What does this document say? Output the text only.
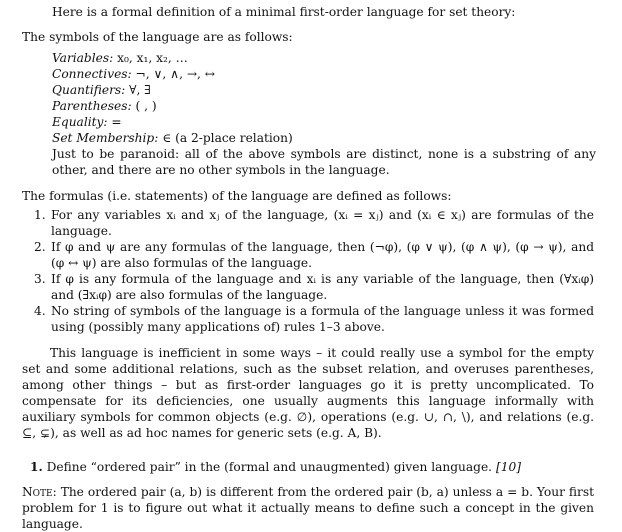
Here is a formal definition of a minimal first-order language for set theory:

The symbols of the language are as follows:

Variables: x₀, x₁, x₂, …
Connectives: ¬, ∨, ∧, →, ↔
Quantifiers: ∀, ∃
Parentheses: ( , )
Equality: =
Set Membership: ∈ (a 2-place relation)
Just to be paranoid: all of the above symbols are distinct, none is a substring of any other, and there are no other symbols in the language.

The formulas (i.e. statements) of the language are defined as follows:

1. For any variables xᵢ and xⱼ of the language, (xᵢ = xⱼ) and (xᵢ ∈ xⱼ) are formulas of the language.
2. If φ and ψ are any formulas of the language, then (¬φ), (φ ∨ ψ), (φ ∧ ψ), (φ → ψ), and (φ ↔ ψ) are also formulas of the language.
3. If φ is any formula of the language and xᵢ is any variable of the language, then (∀xᵢφ) and (∃xᵢφ) are also formulas of the language.
4. No string of symbols of the language is a formula of the language unless it was formed using (possibly many applications of) rules 1–3 above.

This language is inefficient in some ways – it could really use a symbol for the empty set and some additional relations, such as the subset relation, and overuses parentheses, among other things – but as first-order languages go it is pretty uncomplicated. To compensate for its deficiencies, one usually augments this language informally with auxiliary symbols for common objects (e.g. ∅), operations (e.g. ∪, ∩, \), and relations (e.g. ⊆, ⊊), as well as ad hoc names for generic sets (e.g. A, B).

1. Define “ordered pair” in the (formal and unaugmented) given language. [10]

Note: The ordered pair (a, b) is different from the ordered pair (b, a) unless a = b. Your first problem for 1 is to figure out what it actually means to define such a concept in the given language.
